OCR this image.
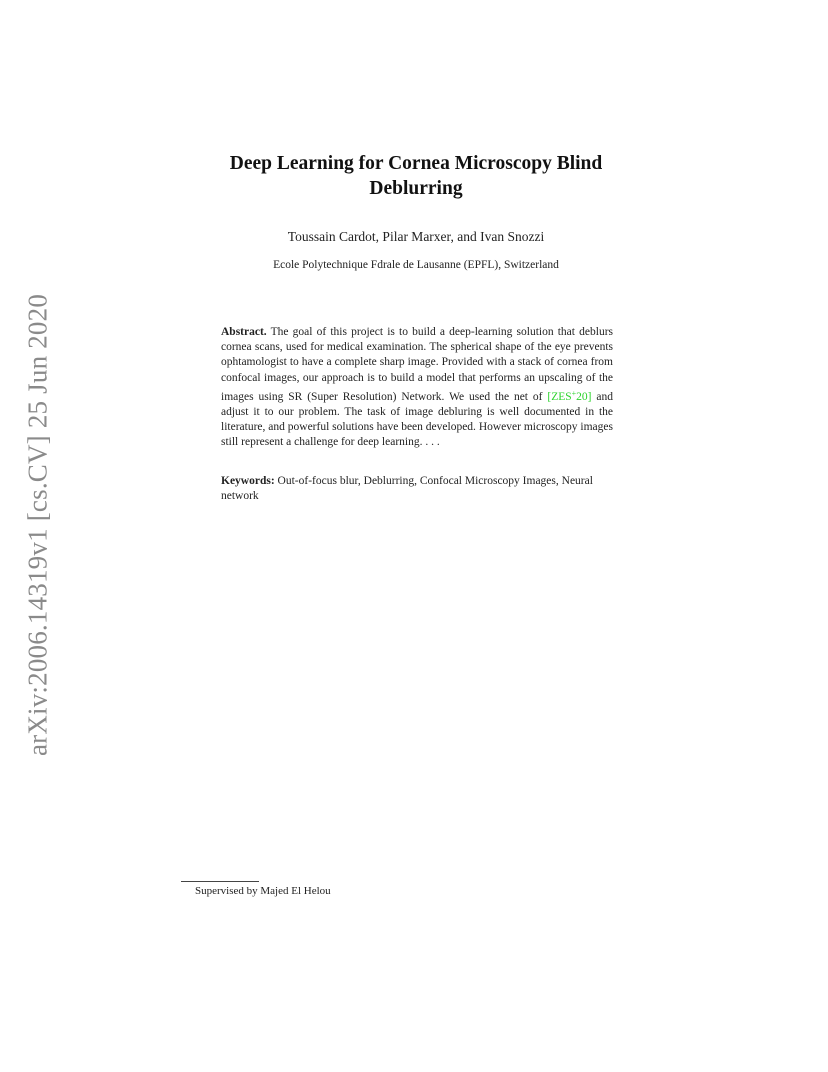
arXiv:2006.14319v1 [cs.CV] 25 Jun 2020
Deep Learning for Cornea Microscopy Blind
Deblurring
Toussain Cardot, Pilar Marxer, and Ivan Snozzi
Ecole Polytechnique Fdrale de Lausanne (EPFL), Switzerland
Abstract. The goal of this project is to build a deep-learning solution that deblurs cornea scans, used for medical examination. The spherical shape of the eye prevents ophtamologist to have a complete sharp image. Provided with a stack of cornea from confocal images, our approach is to build a model that performs an upscaling of the images using SR (Super Resolution) Network. We used the net of [ZES+20] and adjust it to our problem. The task of image debluring is well documented in the literature, and powerful solutions have been developed. However microscopy images still represent a challenge for deep learning. . . .
Keywords: Out-of-focus blur, Deblurring, Confocal Microscopy Images, Neural network
Supervised by Majed El Helou
